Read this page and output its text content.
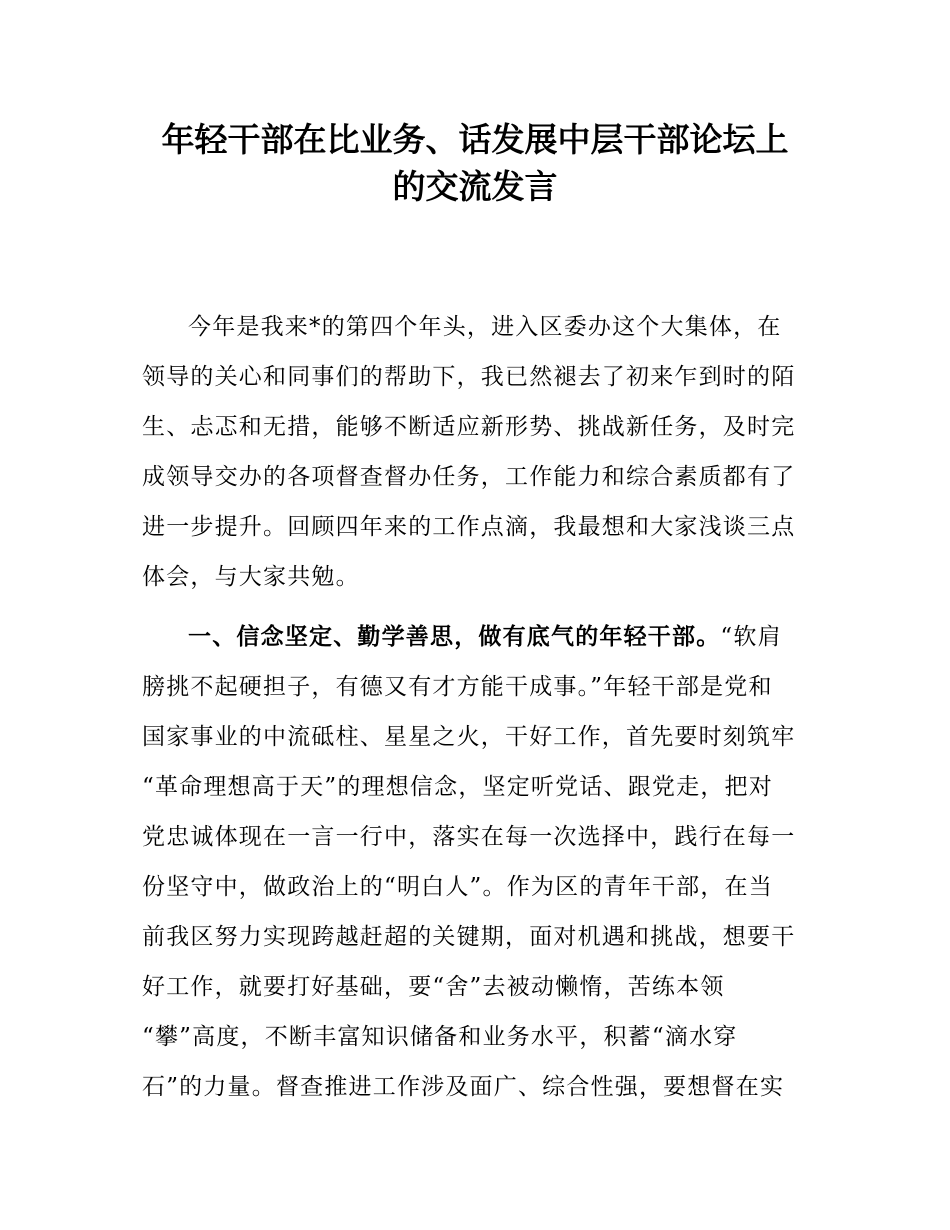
年轻干部在比业务、话发展中层干部论坛上
的交流发言
今年是我来*的第四个年头，进入区委办这个大集体，在
领导的关心和同事们的帮助下，我已然褪去了初来乍到时的陌
生、忐忑和无措，能够不断适应新形势、挑战新任务，及时完
成领导交办的各项督查督办任务，工作能力和综合素质都有了
进一步提升。回顾四年来的工作点滴，我最想和大家浅谈三点
体会，与大家共勉。
一、信念坚定、勤学善思，做有底气的年轻干部。“软肩
膀挑不起硬担子，有德又有才方能干成事。”年轻干部是党和
国家事业的中流砥柱、星星之火，干好工作，首先要时刻筑牢
“革命理想高于天”的理想信念，坚定听党话、跟党走，把对
党忠诚体现在一言一行中，落实在每一次选择中，践行在每一
份坚守中，做政治上的“明白人”。作为区的青年干部，在当
前我区努力实现跨越赶超的关键期，面对机遇和挑战，想要干
好工作，就要打好基础，要“舍”去被动懒惰，苦练本领
“攀”高度，不断丰富知识储备和业务水平，积蓄“滴水穿
石”的力量。督查推进工作涉及面广、综合性强，要想督在实
